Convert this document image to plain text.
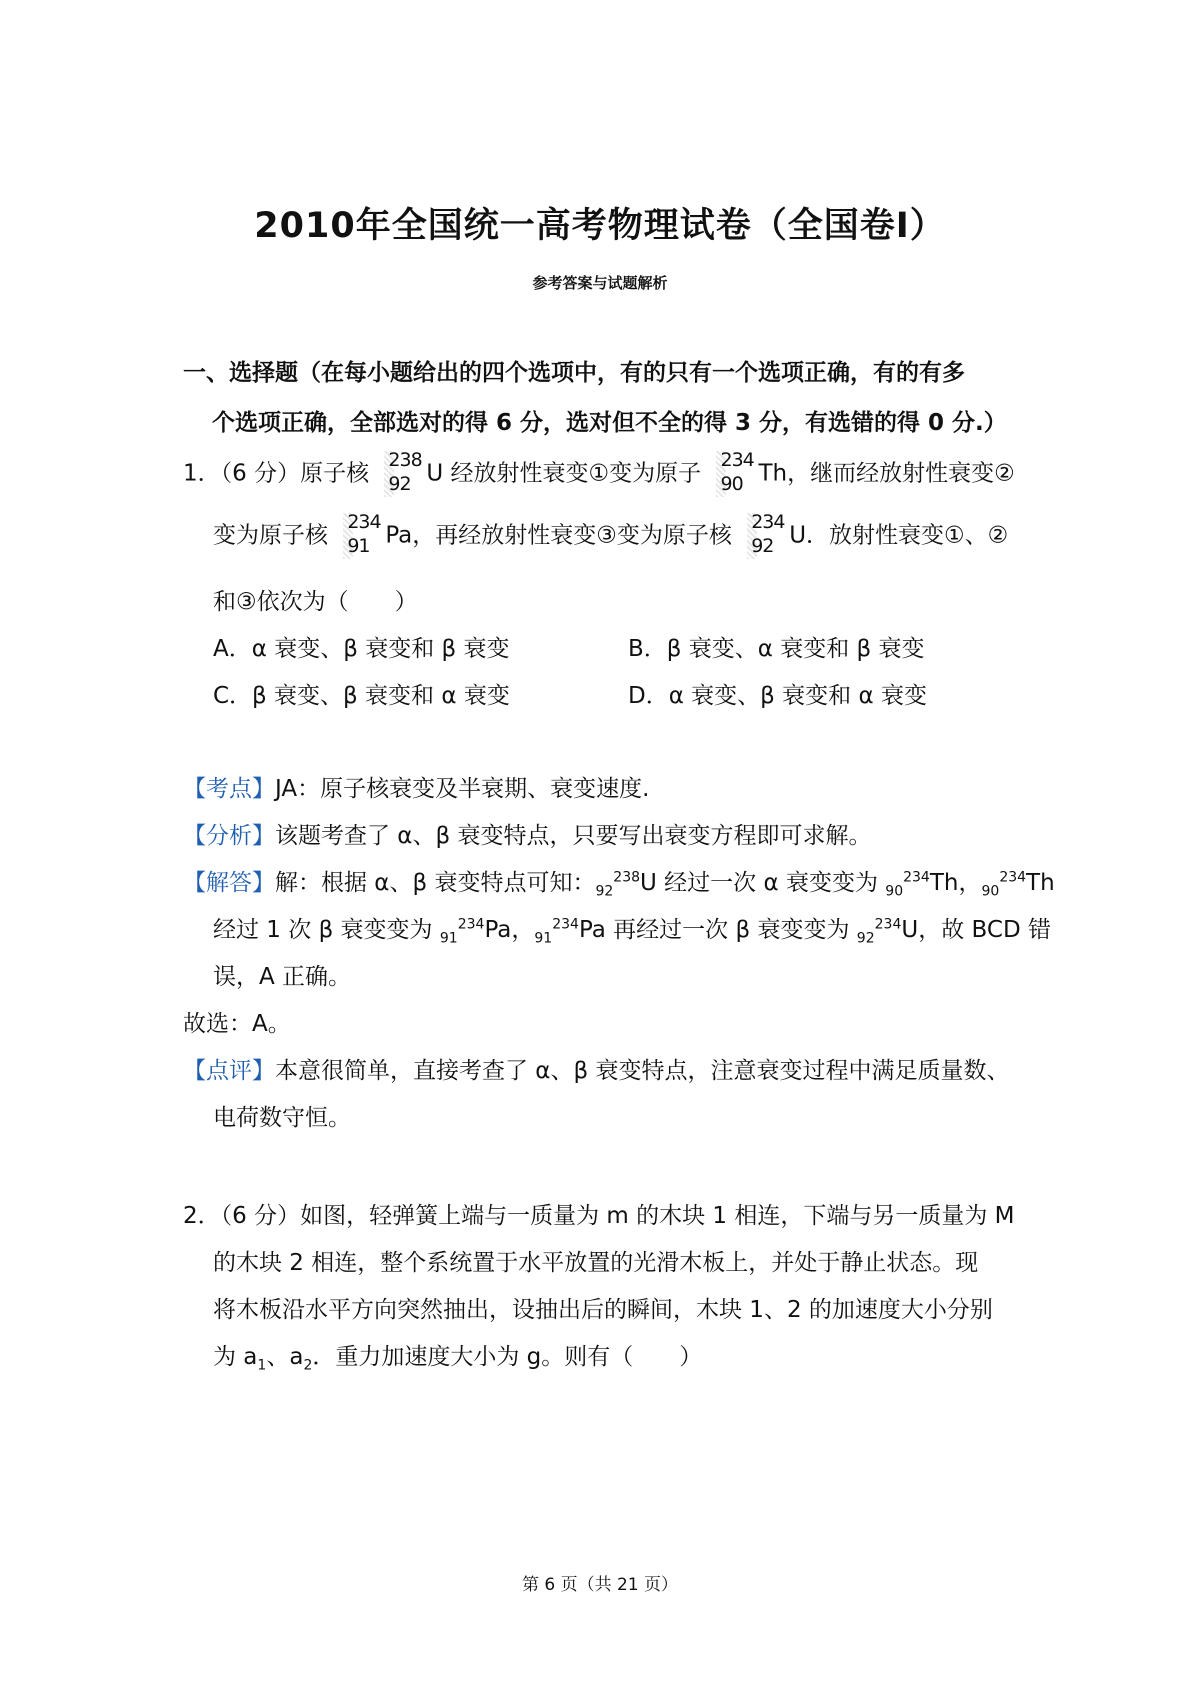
2010年全国统一高考物理试卷（全国卷Ⅰ）
参考答案与试题解析
一、选择题（在每小题给出的四个选项中，有的只有一个选项正确，有的有多
个选项正确，全部选对的得 6 分，选对但不全的得 3 分，有选错的得 0 分.）
1．（6 分）原子核
238
92 U 经放射性衰变①变为原子
234
90 Th，继而经放射性衰变②
变为原子核
234
91 Pa，再经放射性衰变③变为原子核
234
92 U．放射性衰变①、②
和③依次为（　　）
A．α 衰变、β 衰变和 β 衰变	B．β 衰变、α 衰变和 β 衰变
C．β 衰变、β 衰变和 α 衰变	D．α 衰变、β 衰变和 α 衰变
【考点】JA：原子核衰变及半衰期、衰变速度.
【分析】该题考查了 α、β 衰变特点，只要写出衰变方程即可求解。
【解答】解：根据 α、β 衰变特点可知：$_{92}^{238}$U 经过一次 α 衰变变为 $_{90}^{234}$Th，$_{90}^{234}$Th
经过 1 次 β 衰变变为 $_{91}^{234}$Pa，$_{91}^{234}$Pa 再经过一次 β 衰变变为 $_{92}^{234}$U，故 BCD 错
误，A 正确。
故选：A。
【点评】本意很简单，直接考查了 α、β 衰变特点，注意衰变过程中满足质量数、
电荷数守恒。
2．（6 分）如图，轻弹簧上端与一质量为 m 的木块 1 相连，下端与另一质量为 M
的木块 2 相连，整个系统置于水平放置的光滑木板上，并处于静止状态。现
将木板沿水平方向突然抽出，设抽出后的瞬间，木块 1、2 的加速度大小分别
为 $a_1$、$a_2$．重力加速度大小为 g。则有（　　）
第 6 页（共 21 页）
